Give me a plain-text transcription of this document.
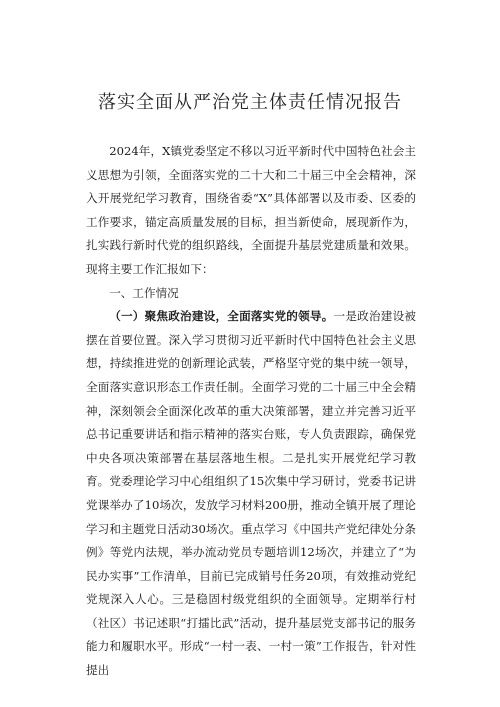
落实全面从严治党主体责任情况报告

2024年，X镇党委坚定不移以习近平新时代中国特色社会主义思想为引领，全面落实党的二十大和二十届三中全会精神，深入开展党纪学习教育，围绕省委“X”具体部署以及市委、区委的工作要求，锚定高质量发展的目标，担当新使命，展现新作为，扎实践行新时代党的组织路线，全面提升基层党建质量和效果。现将主要工作汇报如下：

一、工作情况

（一）聚焦政治建设，全面落实党的领导。一是政治建设被摆在首要位置。深入学习贯彻习近平新时代中国特色社会主义思想，持续推进党的创新理论武装，严格坚守党的集中统一领导，全面落实意识形态工作责任制。全面学习党的二十届三中全会精神，深刻领会全面深化改革的重大决策部署，建立并完善习近平总书记重要讲话和指示精神的落实台账，专人负责跟踪，确保党中央各项决策部署在基层落地生根。二是扎实开展党纪学习教育。党委理论学习中心组组织了15次集中学习研讨，党委书记讲党课举办了10场次，发放学习材料200册，推动全镇开展了理论学习和主题党日活动30场次。重点学习《中国共产党纪律处分条例》等党内法规，举办流动党员专题培训12场次，并建立了“为民办实事”工作清单，目前已完成销号任务20项，有效推动党纪党规深入人心。三是稳固村级党组织的全面领导。定期举行村（社区）书记述职“打擂比武”活动，提升基层党支部书记的服务能力和履职水平。形成“一村一表、一村一策”工作报告，针对性提出
